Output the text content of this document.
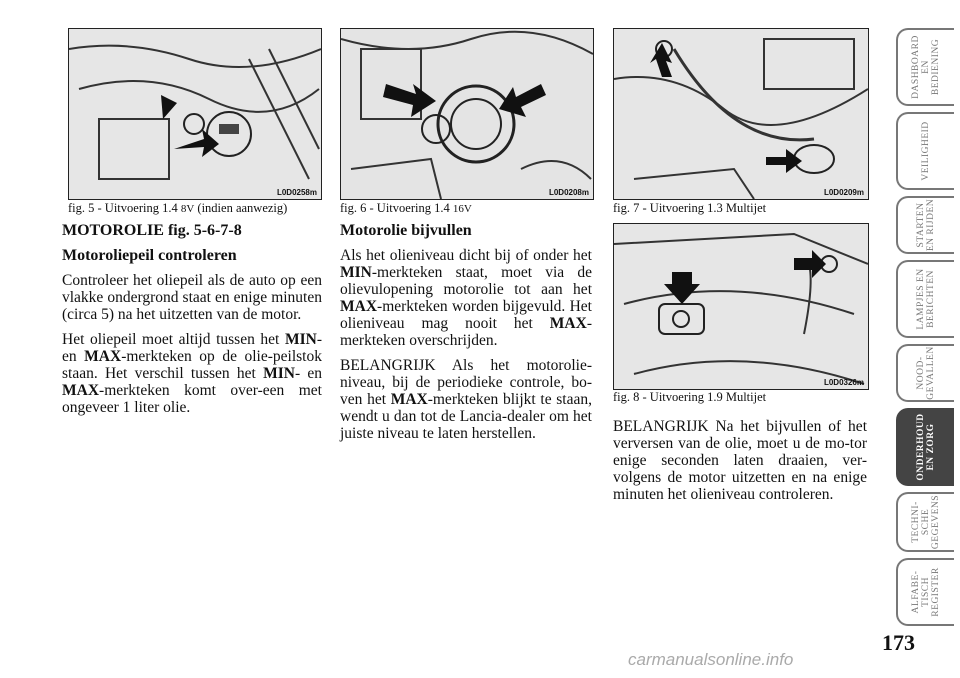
L0D0258m
fig. 5 - Uitvoering 1.4 8V (indien aanwezig)
L0D0208m
fig. 6 - Uitvoering 1.4 16V
L0D0209m
fig. 7 - Uitvoering 1.3 Multijet
L0D0326m
fig. 8 - Uitvoering 1.9 Multijet

MOTOROLIE fig. 5-6-7-8

Motoroliepeil controleren

Controleer het oliepeil als de auto op een vlakke ondergrond staat en enige minuten (circa 5) na het uitzetten van de motor.

Het oliepeil moet altijd tussen het MIN- en MAX-merkteken op de olie-peilstok staan. Het verschil tussen het MIN- en MAX-merkteken komt over-een met ongeveer 1 liter olie.

Motorolie bijvullen

Als het olieniveau dicht bij of onder het MIN-merkteken staat, moet via de olievulopening motorolie tot aan het MAX-merkteken worden bijgevuld. Het olieniveau mag nooit het MAX-merkteken overschrijden.

BELANGRIJK Als het motorolie-niveau, bij de periodieke controle, bo-ven het MAX-merkteken blijkt te staan, wendt u dan tot de Lancia-dealer om het juiste niveau te laten herstellen.	BELANGRIJK Na het bijvullen of het verversen van de olie, moet u de mo-tor enige seconden laten draaien, ver-volgens de motor uitzetten en na enige minuten het olieniveau controleren.

DASHBOARD
EN
BEDIENING
VEILIGHEID
STARTEN
EN RIJDEN
LAMPJES EN
BERICHTEN
NOOD-
GEVALLEN
ONDERHOUD
EN ZORG
TECHNI-
SCHE
GEGEVENS
ALFABE-
TISCH
REGISTER
173
carmanualsonline.info
